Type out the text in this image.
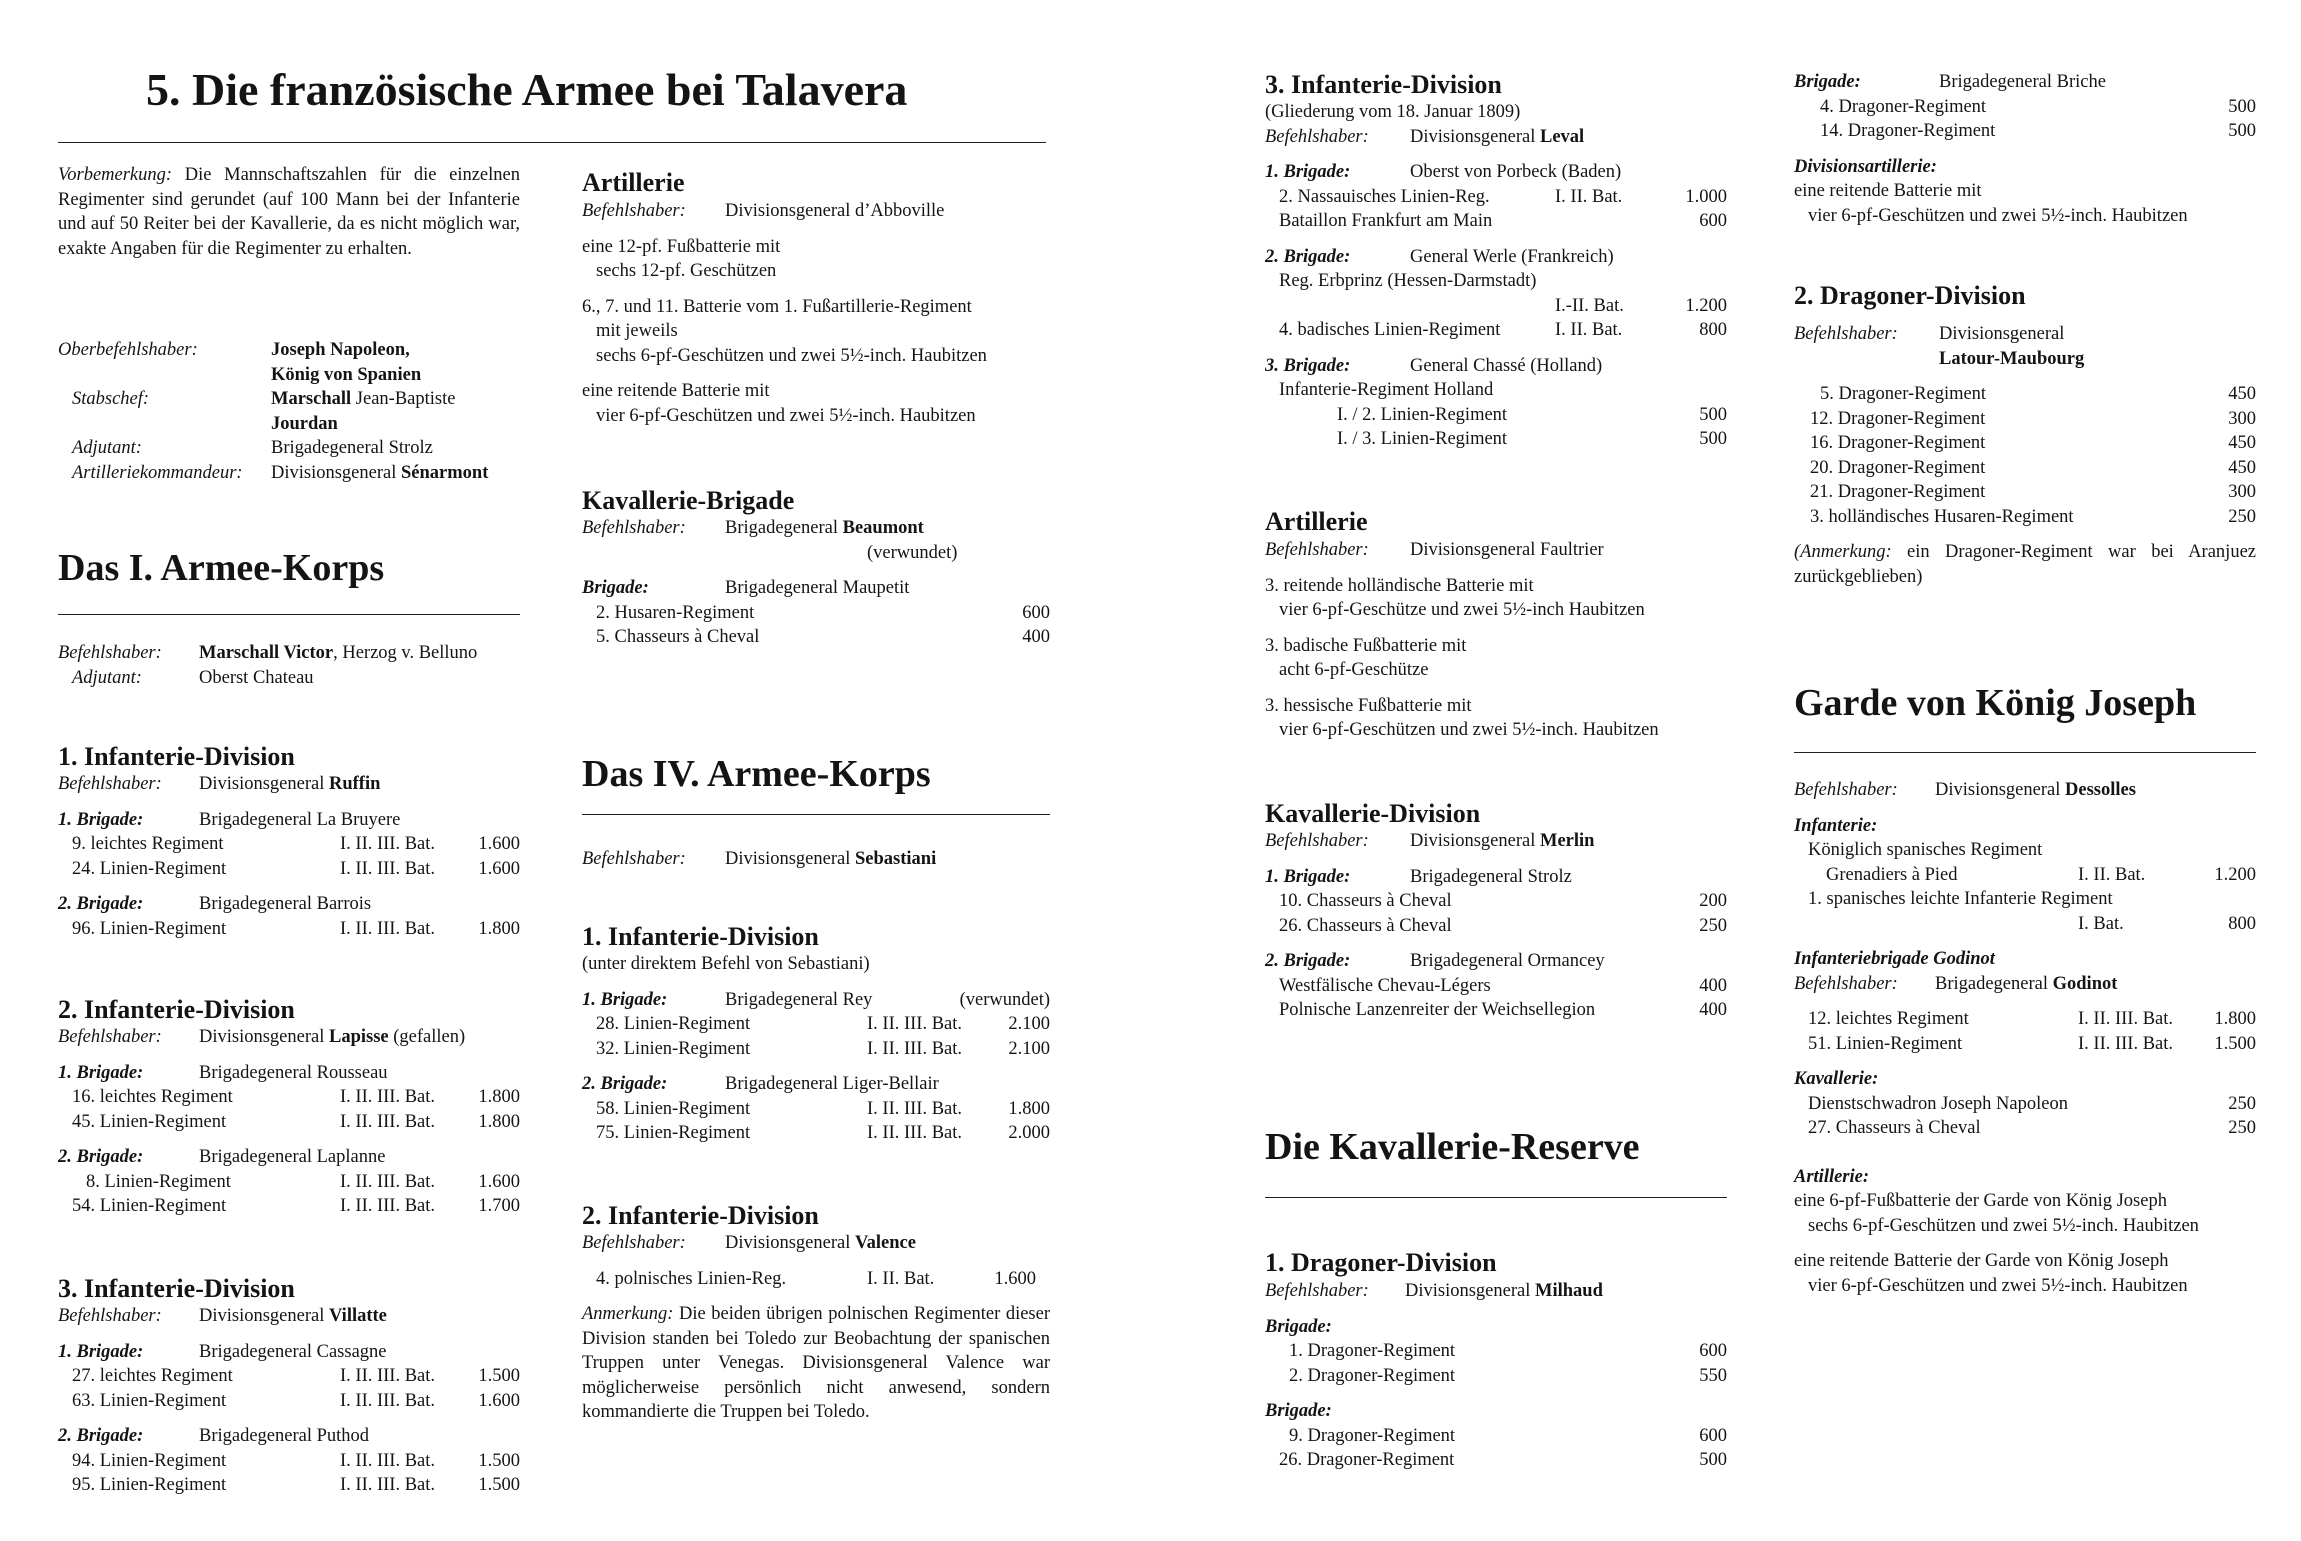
5. Die französische Armee bei Talavera
Vorbemerkung: Die Mannschaftszahlen für die einzelnen Regimenter sind gerundet (auf 100 Mann bei der Infanterie und auf 50 Reiter bei der Kavallerie, da es nicht möglich war, exakte Angaben für die Regimenter zu erhalten.
Oberbefehlshaber:	Joseph Napoleon,
König von Spanien
Stabschef:	Marschall Jean-Baptiste
Jourdan
Adjutant:	Brigadegeneral Strolz
Artilleriekommandeur: Divisionsgeneral Sénarmont
Das I. Armee-Korps
Befehlshaber: Marschall Victor, Herzog v. Belluno
Adjutant:	Oberst Chateau
1. Infanterie-Division
Befehlshaber: Divisionsgeneral Ruffin
1. Brigade:	Brigadegeneral La Bruyere
9. leichtes Regiment	I. II. III. Bat. 1.600
24. Linien-Regiment	I. II. III. Bat. 1.600
2. Brigade:	Brigadegeneral Barrois
96. Linien-Regiment	I. II. III. Bat. 1.800
2. Infanterie-Division
Befehlshaber: Divisionsgeneral Lapisse (gefallen)
1. Brigade:	Brigadegeneral Rousseau
16. leichtes Regiment	I. II. III. Bat. 1.800
45. Linien-Regiment	I. II. III. Bat. 1.800
2. Brigade:	Brigadegeneral Laplanne
8. Linien-Regiment	I. II. III. Bat. 1.600
54. Linien-Regiment	I. II. III. Bat. 1.700
3. Infanterie-Division
Befehlshaber: Divisionsgeneral Villatte
1. Brigade:	Brigadegeneral Cassagne
27. leichtes Regiment	I. II. III. Bat. 1.500
63. Linien-Regiment	I. II. III. Bat. 1.600
2. Brigade:	Brigadegeneral Puthod
94. Linien-Regiment	I. II. III. Bat. 1.500
95. Linien-Regiment	I. II. III. Bat. 1.500
Artillerie
Befehlshaber: Divisionsgeneral d’Abboville
eine 12-pf. Fußbatterie mit
sechs 12-pf. Geschützen
6., 7. und 11. Batterie vom 1. Fußartillerie-Regiment
mit jeweils
sechs 6-pf-Geschützen und zwei 5½-inch. Haubitzen
eine reitende Batterie mit
vier 6-pf-Geschützen und zwei 5½-inch. Haubitzen
Kavallerie-Brigade
Befehlshaber: Brigadegeneral Beaumont
(verwundet)
Brigade:	Brigadegeneral Maupetit
2. Husaren-Regiment	600
5. Chasseurs à Cheval	400
Das IV. Armee-Korps
Befehlshaber: Divisionsgeneral Sebastiani
1. Infanterie-Division
(unter direktem Befehl von Sebastiani)
1. Brigade:	Brigadegeneral Rey	(verwundet)
28. Linien-Regiment	I. II. III. Bat.	2.100
32. Linien-Regiment	I. II. III. Bat.	2.100
2. Brigade:	Brigadegeneral Liger-Bellair
58. Linien-Regiment	I. II. III. Bat.	1.800
75. Linien-Regiment	I. II. III. Bat.	2.000
2. Infanterie-Division
Befehlshaber: Divisionsgeneral Valence
4. polnisches Linien-Reg.	I. II. Bat.	1.600
Anmerkung: Die beiden übrigen polnischen Regimenter dieser Division standen bei Toledo zur Beobachtung der spanischen Truppen unter Venegas. Divisionsgeneral Valence war möglicherweise persönlich nicht anwesend, sondern kommandierte die Truppen bei Toledo.
3. Infanterie-Division
(Gliederung vom 18. Januar 1809)
Befehlshaber: Divisionsgeneral Leval
1. Brigade:	Oberst von Porbeck (Baden)
2. Nassauisches Linien-Reg.	I. II. Bat.	1.000
Bataillon Frankfurt am Main	600
2. Brigade:	General Werle (Frankreich)
Reg. Erbprinz (Hessen-Darmstadt)
I.-II. Bat.	1.200
4. badisches Linien-Regiment	I. II. Bat.	800
3. Brigade:	General Chassé (Holland)
Infanterie-Regiment Holland
I. / 2. Linien-Regiment	500
I. / 3. Linien-Regiment	500
Artillerie
Befehlshaber: Divisionsgeneral Faultrier
3. reitende holländische Batterie mit
vier 6-pf-Geschütze und zwei 5½-inch Haubitzen
3. badische Fußbatterie mit
acht 6-pf-Geschütze
3. hessische Fußbatterie mit
vier 6-pf-Geschützen und zwei 5½-inch. Haubitzen
Kavallerie-Division
Befehlshaber: Divisionsgeneral Merlin
1. Brigade:	Brigadegeneral Strolz
10. Chasseurs à Cheval	200
26. Chasseurs à Cheval	250
2. Brigade:	Brigadegeneral Ormancey
Westfälische Chevau-Légers	400
Polnische Lanzenreiter der Weichsellegion	400
Die Kavallerie-Reserve
1. Dragoner-Division
Befehlshaber: Divisionsgeneral Milhaud
Brigade:
1. Dragoner-Regiment	600
2. Dragoner-Regiment	550
Brigade:
9. Dragoner-Regiment	600
26. Dragoner-Regiment	500
Brigade:	Brigadegeneral Briche
4. Dragoner-Regiment	500
14. Dragoner-Regiment	500
Divisionsartillerie:
eine reitende Batterie mit
vier 6-pf-Geschützen und zwei 5½-inch. Haubitzen
2. Dragoner-Division
Befehlshaber: Divisionsgeneral
Latour-Maubourg
5. Dragoner-Regiment	450
12. Dragoner-Regiment	300
16. Dragoner-Regiment	450
20. Dragoner-Regiment	450
21. Dragoner-Regiment	300
3. holländisches Husaren-Regiment	250
(Anmerkung: ein Dragoner-Regiment war bei Aranjuez zurückgeblieben)
Garde von König Joseph
Befehlshaber: Divisionsgeneral Dessolles
Infanterie:
Königlich spanisches Regiment
Grenadiers à Pied	I. II. Bat.	1.200
1. spanisches leichte Infanterie Regiment
I. Bat.	800
Infanteriebrigade Godinot
Befehlshaber: Brigadegeneral Godinot
12. leichtes Regiment	I. II. III. Bat. 1.800
51. Linien-Regiment	I. II. III. Bat. 1.500
Kavallerie:
Dienstschwadron Joseph Napoleon	250
27. Chasseurs à Cheval	250
Artillerie:
eine 6-pf-Fußbatterie der Garde von König Joseph
sechs 6-pf-Geschützen und zwei 5½-inch. Haubitzen
eine reitende Batterie der Garde von König Joseph
vier 6-pf-Geschützen und zwei 5½-inch. Haubitzen
